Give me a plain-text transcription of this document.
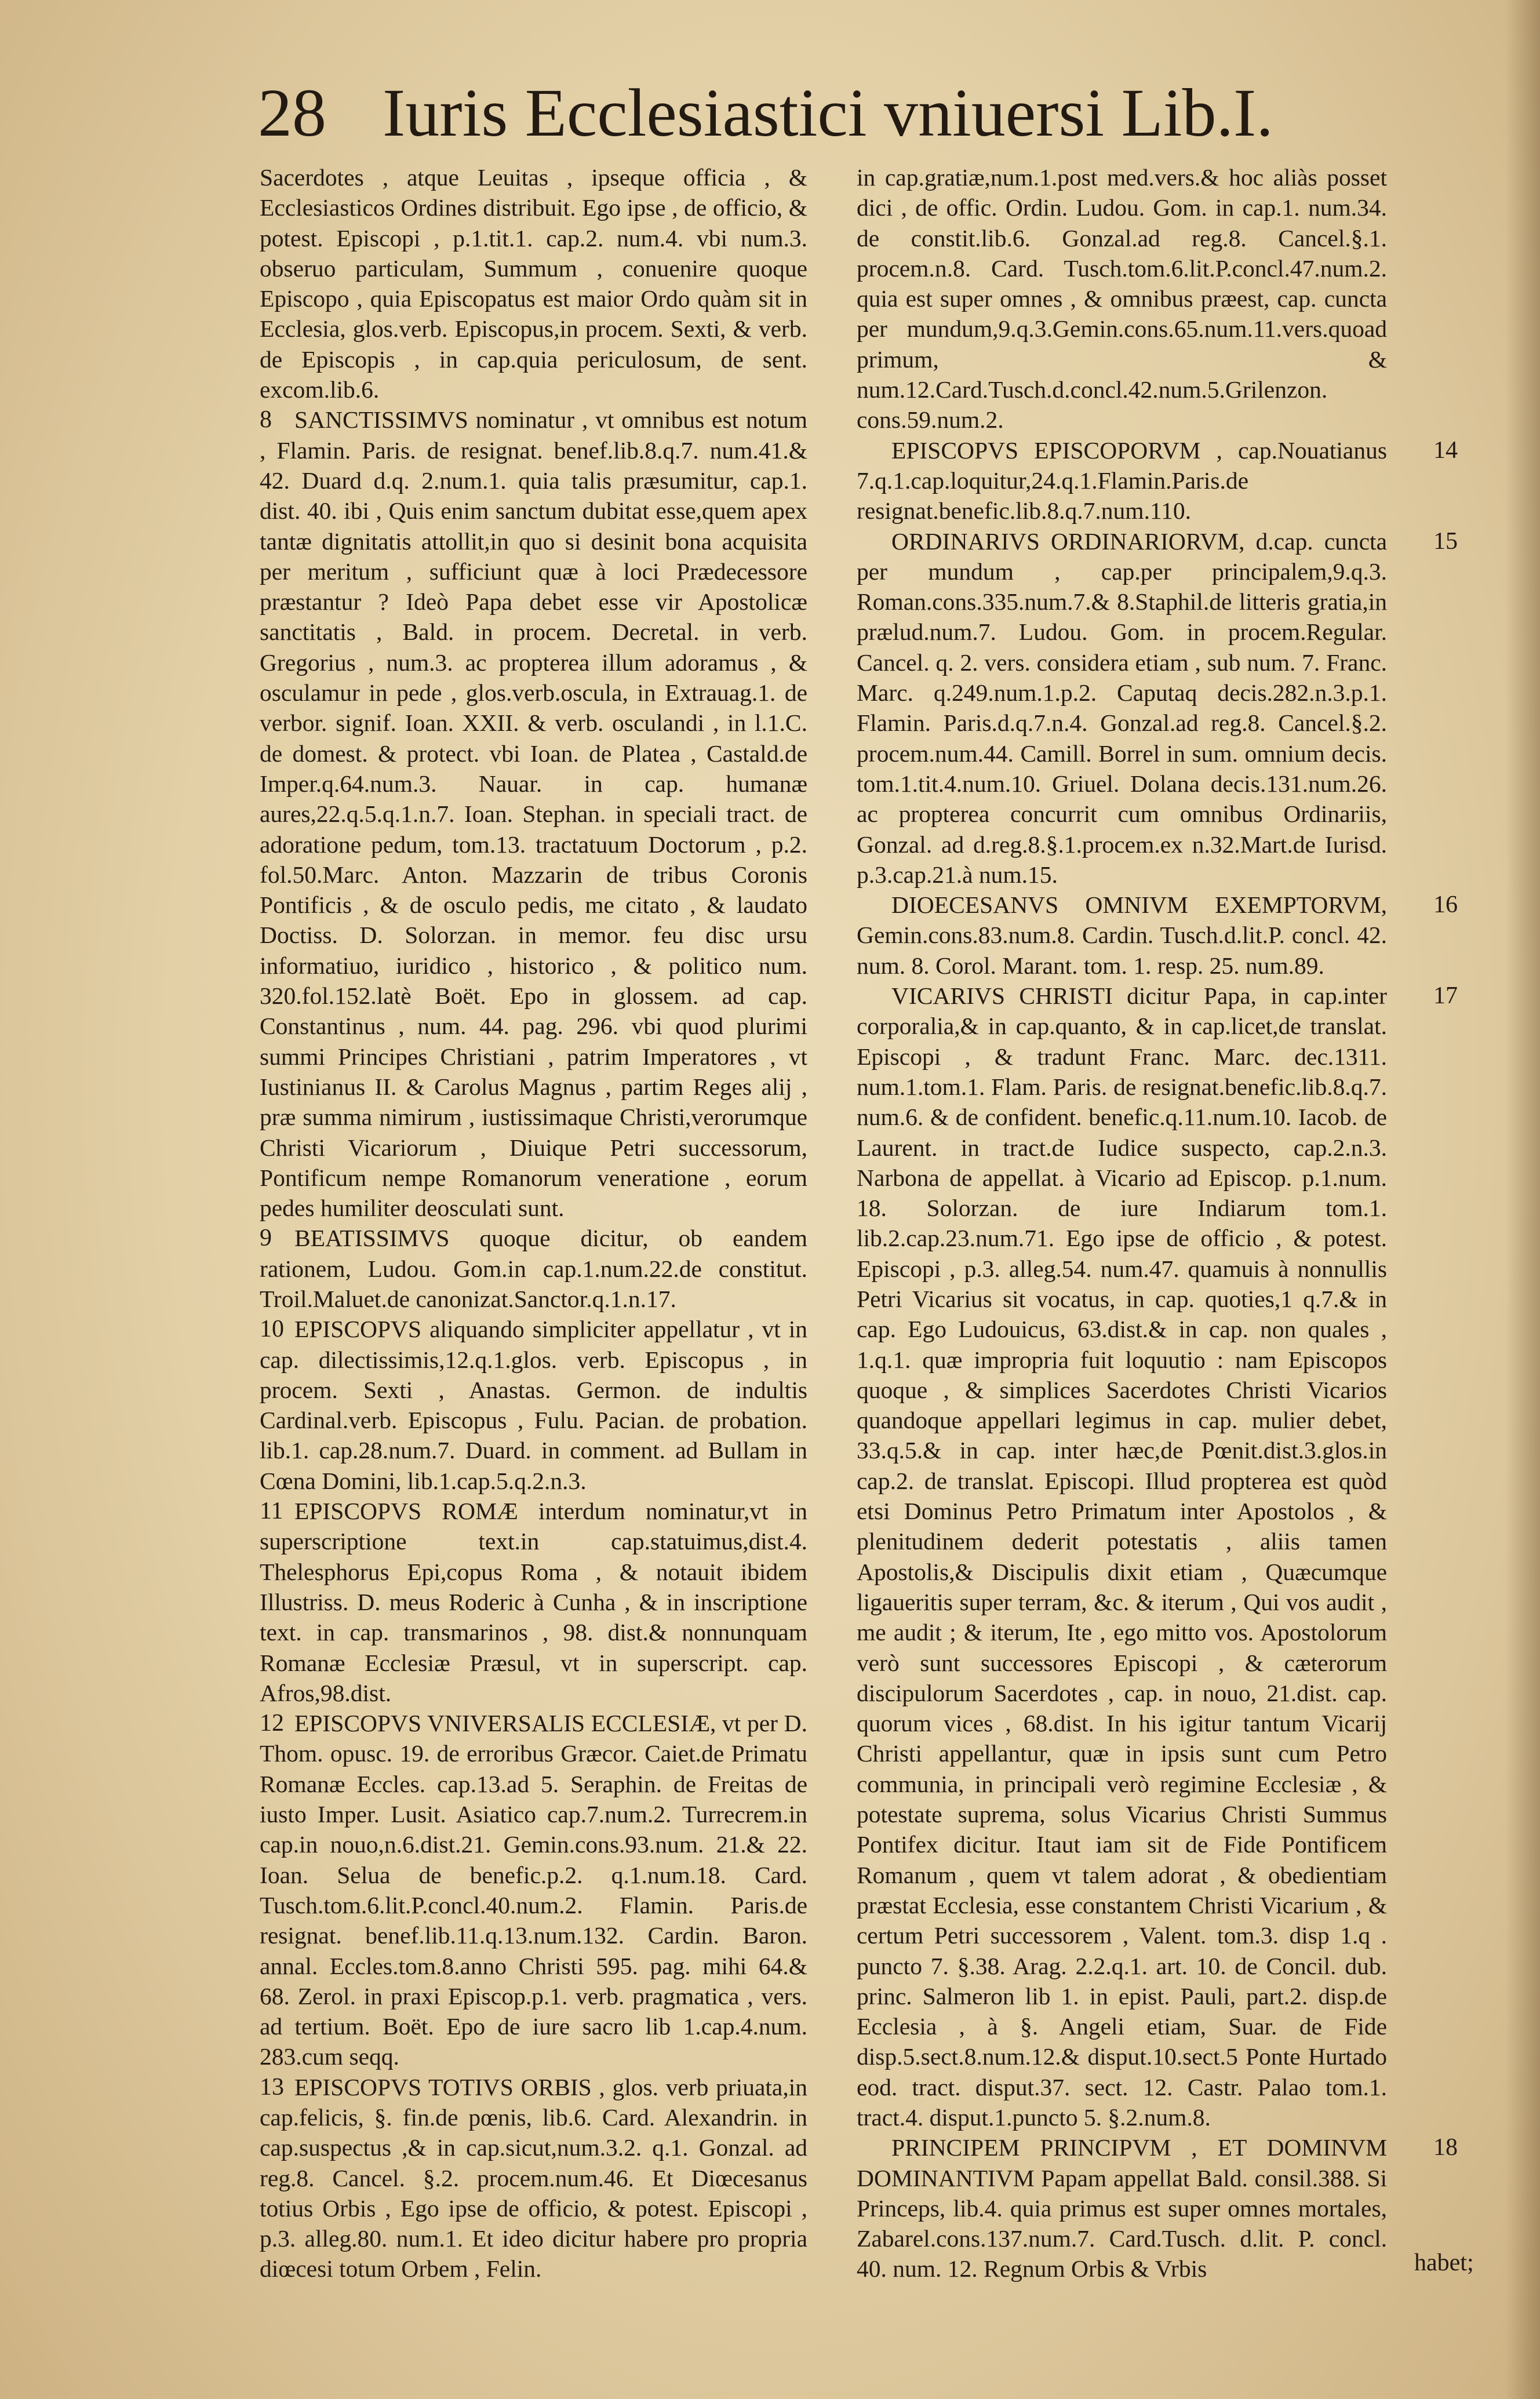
28 Iuris Ecclesiastici vniuersi Lib.I.

Sacerdotes , atque Leuitas , ipseque officia , & Ecclesiasticos Ordines distribuit. Ego ipse , de officio, & potest. Episcopi , p.1.tit.1. cap.2. num.4. vbi num.3. obseruo particulam, Summum , conuenire quoque Episcopo , quia Episcopatus est maior Ordo quàm sit in Ecclesia, glos.verb. Episcopus,in procem. Sexti, & verb. de Episcopis , in cap.quia periculosum, de sent. excom.lib.6.

8 SANCTISSIMVS nominatur , vt omnibus est notum , Flamin. Paris. de resignat. benef.lib.8.q.7. num.41.& 42. Duard d.q. 2.num.1. quia talis præsumitur, cap.1. dist. 40. ibi , Quis enim sanctum dubitat esse,quem apex tantæ dignitatis attollit,in quo si desinit bona acquisita per meritum , sufficiunt quæ à loci Prædecessore præstantur ? Ideò Papa debet esse vir Apostolicæ sanctitatis , Bald. in procem. Decretal. in verb. Gregorius , num.3. ac propterea illum adoramus , & osculamur in pede , glos.verb.oscula, in Extrauag.1. de verbor. signif. Ioan. XXII. & verb. osculandi , in l.1.C. de domest. & protect. vbi Ioan. de Platea , Castald.de Imper.q.64.num.3. Nauar. in cap. humanæ aures,22.q.5.q.1.n.7. Ioan. Stephan. in speciali tract. de adoratione pedum, tom.13. tractatuum Doctorum , p.2. fol.50.Marc. Anton. Mazzarin de tribus Coronis Pontificis , & de osculo pedis, me citato , & laudato Doctiss. D. Solorzan. in memor. feu disc ursu informatiuo, iuridico , historico , & politico num. 320.fol.152.latè Boët. Epo in glossem. ad cap. Constantinus , num. 44. pag. 296. vbi quod plurimi summi Principes Christiani , patrim Imperatores , vt Iustinianus II. & Carolus Magnus , partim Reges alij , præ summa nimirum , iustissimaque Christi,verorumque Christi Vicariorum , Diuique Petri successorum, Pontificum nempe Romanorum veneratione , eorum pedes humiliter deosculati sunt.

9 BEATISSIMVS quoque dicitur, ob eandem rationem, Ludou. Gom.in cap.1.num.22.de constitut. Troil.Maluet.de canonizat.Sanctor.q.1.n.17.

10 EPISCOPVS aliquando simpliciter appellatur , vt in cap. dilectissimis,12.q.1.glos. verb. Episcopus , in procem. Sexti , Anastas. Germon. de indultis Cardinal.verb. Episcopus , Fulu. Pacian. de probation. lib.1. cap.28.num.7. Duard. in comment. ad Bullam in Cœna Domini, lib.1.cap.5.q.2.n.3.

11 EPISCOPVS ROMÆ interdum nominatur,vt in superscriptione text.in cap.statuimus,dist.4. Thelesphorus Epi,copus Roma , & notauit ibidem Illustriss. D. meus Roderic à Cunha , & in inscriptione text. in cap. transmarinos , 98. dist.& nonnunquam Romanæ Ecclesiæ Præsul, vt in superscript. cap. Afros,98.dist.

12 EPISCOPVS VNIVERSALIS ECCLESIÆ, vt per D. Thom. opusc. 19. de erroribus Græcor. Caiet.de Primatu Romanæ Eccles. cap.13.ad 5. Seraphin. de Freitas de iusto Imper. Lusit. Asiatico cap.7.num.2. Turrecrem.in cap.in nouo,n.6.dist.21. Gemin.cons.93.num. 21.& 22. Ioan. Selua de benefic.p.2. q.1.num.18. Card. Tusch.tom.6.lit.P.concl.40.num.2. Flamin. Paris.de resignat. benef.lib.11.q.13.num.132. Cardin. Baron. annal. Eccles.tom.8.anno Christi 595. pag. mihi 64.& 68. Zerol. in praxi Episcop.p.1. verb. pragmatica , vers. ad tertium. Boët. Epo de iure sacro lib 1.cap.4.num. 283.cum seqq.

13 EPISCOPVS TOTIVS ORBIS , glos. verb priuata,in cap.felicis, §. fin.de pœnis, lib.6. Card. Alexandrin. in cap.suspectus ,& in cap.sicut,num.3.2. q.1. Gonzal. ad reg.8. Cancel. §.2. procem.num.46. Et Diœcesanus totius Orbis , Ego ipse de officio, & potest. Episcopi , p.3. alleg.80. num.1. Et ideo dicitur habere pro propria diœcesi totum Orbem , Felin.

in cap.gratiæ,num.1.post med.vers.& hoc aliàs posset dici , de offic. Ordin. Ludou. Gom. in cap.1. num.34. de constit.lib.6. Gonzal.ad reg.8. Cancel.§.1. procem.n.8. Card. Tusch.tom.6.lit.P.concl.47.num.2. quia est super omnes , & omnibus præest, cap. cuncta per mundum,9.q.3.Gemin.cons.65.num.11.vers.quoad primum, & num.12.Card.Tusch.d.concl.42.num.5.Grilenzon. cons.59.num.2.

14
EPISCOPVS EPISCOPORVM , cap.Nouatianus 7.q.1.cap.loquitur,24.q.1.Flamin.Paris.de resignat.benefic.lib.8.q.7.num.110.

15
ORDINARIVS ORDINARIORVM, d.cap. cuncta per mundum , cap.per principalem,9.q.3. Roman.cons.335.num.7.& 8.Staphil.de litteris gratia,in prælud.num.7. Ludou. Gom. in procem.Regular. Cancel. q. 2. vers. considera etiam , sub num. 7. Franc. Marc. q.249.num.1.p.2. Caputaq decis.282.n.3.p.1. Flamin. Paris.d.q.7.n.4. Gonzal.ad reg.8. Cancel.§.2. procem.num.44. Camill. Borrel in sum. omnium decis. tom.1.tit.4.num.10. Griuel. Dolana decis.131.num.26. ac propterea concurrit cum omnibus Ordinariis, Gonzal. ad d.reg.8.§.1.procem.ex n.32.Mart.de Iurisd. p.3.cap.21.à num.15.

16
DIOECESANVS OMNIVM EXEMPTORVM, Gemin.cons.83.num.8. Cardin. Tusch.d.lit.P. concl. 42. num. 8. Corol. Marant. tom. 1. resp. 25. num.89.

17
VICARIVS CHRISTI dicitur Papa, in cap.inter corporalia,& in cap.quanto, & in cap.licet,de translat. Episcopi , & tradunt Franc. Marc. dec.1311. num.1.tom.1. Flam. Paris. de resignat.benefic.lib.8.q.7. num.6. & de confident. benefic.q.11.num.10. Iacob. de Laurent. in tract.de Iudice suspecto, cap.2.n.3. Narbona de appellat. à Vicario ad Episcop. p.1.num. 18. Solorzan. de iure Indiarum tom.1. lib.2.cap.23.num.71. Ego ipse de officio , & potest. Episcopi , p.3. alleg.54. num.47. quamuis à nonnullis Petri Vicarius sit vocatus, in cap. quoties,1 q.7.& in cap. Ego Ludouicus, 63.dist.& in cap. non quales , 1.q.1. quæ impropria fuit loquutio : nam Episcopos quoque , & simplices Sacerdotes Christi Vicarios quandoque appellari legimus in cap. mulier debet, 33.q.5.& in cap. inter hæc,de Pœnit.dist.3.glos.in cap.2. de translat. Episcopi. Illud propterea est quòd etsi Dominus Petro Primatum inter Apostolos , & plenitudinem dederit potestatis , aliis tamen Apostolis,& Discipulis dixit etiam , Quæcumque ligaueritis super terram, &c. & iterum , Qui vos audit , me audit ; & iterum, Ite , ego mitto vos. Apostolorum verò sunt successores Episcopi , & cæterorum discipulorum Sacerdotes , cap. in nouo, 21.dist. cap. quorum vices , 68.dist. In his igitur tantum Vicarij Christi appellantur, quæ in ipsis sunt cum Petro communia, in principali verò regimine Ecclesiæ , & potestate suprema, solus Vicarius Christi Summus Pontifex dicitur. Itaut iam sit de Fide Pontificem Romanum , quem vt talem adorat , & obedientiam præstat Ecclesia, esse constantem Christi Vicarium , & certum Petri successorem , Valent. tom.3. disp 1.q . puncto 7. §.38. Arag. 2.2.q.1. art. 10. de Concil. dub. princ. Salmeron lib 1. in epist. Pauli, part.2. disp.de Ecclesia , à §. Angeli etiam, Suar. de Fide disp.5.sect.8.num.12.& disput.10.sect.5 Ponte Hurtado eod. tract. disput.37. sect. 12. Castr. Palao tom.1. tract.4. disput.1.puncto 5. §.2.num.8.

18
PRINCIPEM PRINCIPVM , ET DOMINVM DOMINANTIVM Papam appellat Bald. consil.388. Si Princeps, lib.4. quia primus est super omnes mortales, Zabarel.cons.137.num.7. Card.Tusch. d.lit. P. concl. 40. num. 12. Regnum Orbis & Vrbis	habet;
